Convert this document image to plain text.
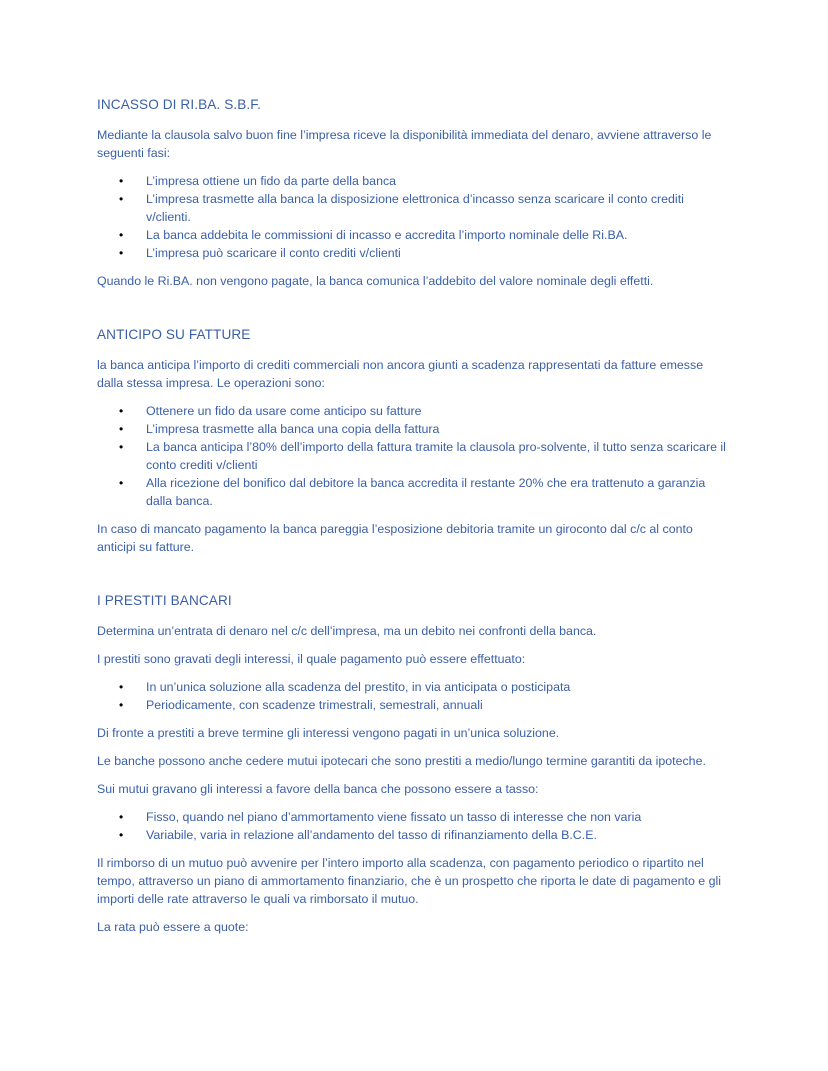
INCASSO DI RI.BA. S.B.F.

Mediante la clausola salvo buon fine l’impresa riceve la disponibilità immediata del denaro, avviene attraverso le seguenti fasi:

• L’impresa ottiene un fido da parte della banca
• L’impresa trasmette alla banca la disposizione elettronica d’incasso senza scaricare il conto crediti v/clienti.
• La banca addebita le commissioni di incasso e accredita l’importo nominale delle Ri.BA.
• L’impresa può scaricare il conto crediti v/clienti

Quando le Ri.BA. non vengono pagate, la banca comunica l’addebito del valore nominale degli effetti.

ANTICIPO SU FATTURE

la banca anticipa l’importo di crediti commerciali non ancora giunti a scadenza rappresentati da fatture emesse dalla stessa impresa. Le operazioni sono:

• Ottenere un fido da usare come anticipo su fatture
• L’impresa trasmette alla banca una copia della fattura
• La banca anticipa l’80% dell’importo della fattura tramite la clausola pro-solvente, il tutto senza scaricare il conto crediti v/clienti
• Alla ricezione del bonifico dal debitore la banca accredita il restante 20% che era trattenuto a garanzia dalla banca.

In caso di mancato pagamento la banca pareggia l’esposizione debitoria tramite un giroconto dal c/c al conto anticipi su fatture.

I PRESTITI BANCARI

Determina un’entrata di denaro nel c/c dell’impresa, ma un debito nei confronti della banca.

I prestiti sono gravati degli interessi, il quale pagamento può essere effettuato:

• In un’unica soluzione alla scadenza del prestito, in via anticipata o posticipata
• Periodicamente, con scadenze trimestrali, semestrali, annuali

Di fronte a prestiti a breve termine gli interessi vengono pagati in un’unica soluzione.

Le banche possono anche cedere mutui ipotecari che sono prestiti a medio/lungo termine garantiti da ipoteche.

Sui mutui gravano gli interessi a favore della banca che possono essere a tasso:

• Fisso, quando nel piano d’ammortamento viene fissato un tasso di interesse che non varia
• Variabile, varia in relazione all’andamento del tasso di rifinanziamento della B.C.E.

Il rimborso di un mutuo può avvenire per l’intero importo alla scadenza, con pagamento periodico o ripartito nel tempo, attraverso un piano di ammortamento finanziario, che è un prospetto che riporta le date di pagamento e gli importi delle rate attraverso le quali va rimborsato il mutuo.

La rata può essere a quote:
